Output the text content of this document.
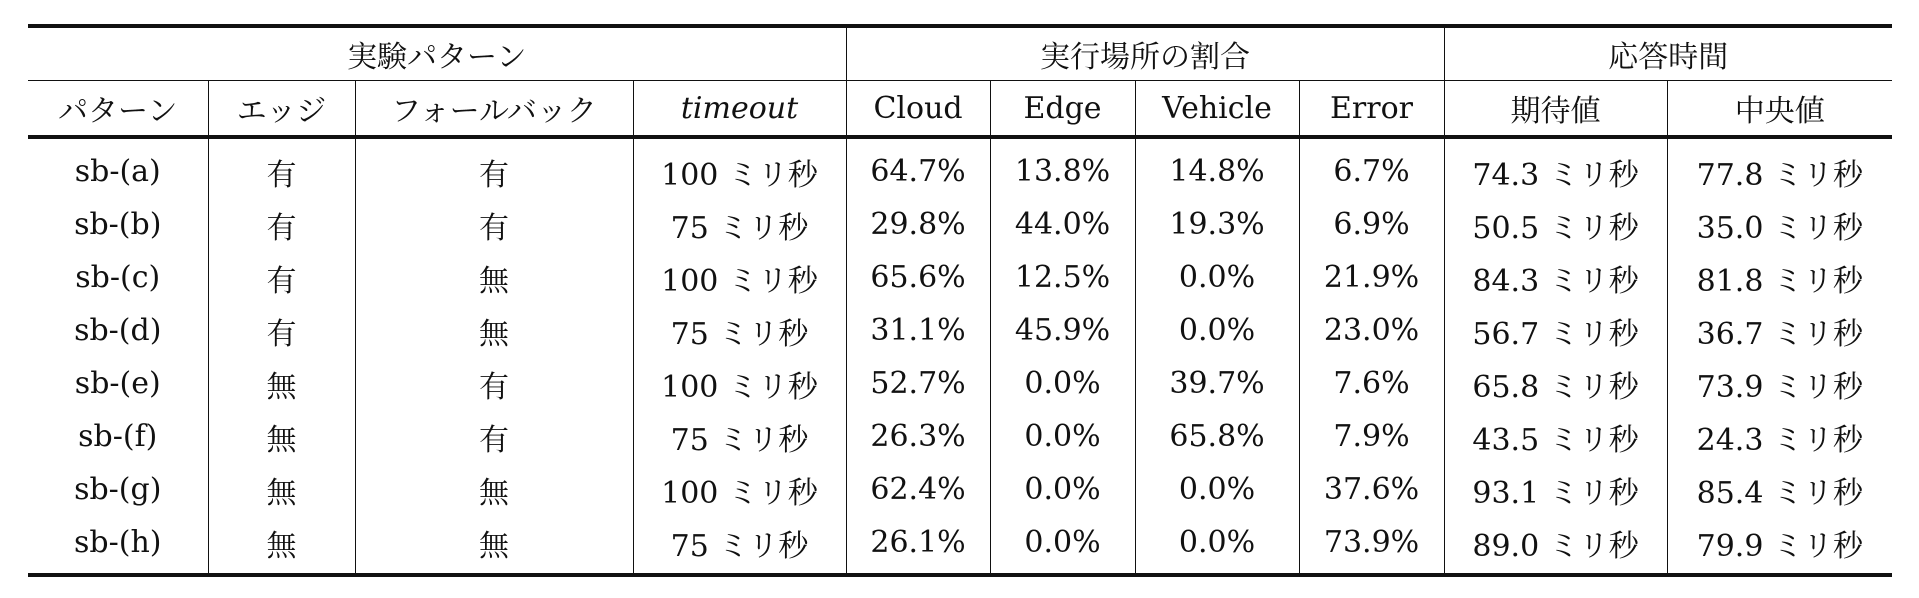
実験パターン				実行場所の割合				応答時間	
パターン	エッジ	フォールバック	timeout	Cloud	Edge	Vehicle	Error	期待値	中央値
sb-(a)	有	有	100 ミリ秒	64.7%	13.8%	14.8%	6.7%	74.3 ミリ秒	77.8 ミリ秒
sb-(b)	有	有	75 ミリ秒	29.8%	44.0%	19.3%	6.9%	50.5 ミリ秒	35.0 ミリ秒
sb-(c)	有	無	100 ミリ秒	65.6%	12.5%	0.0%	21.9%	84.3 ミリ秒	81.8 ミリ秒
sb-(d)	有	無	75 ミリ秒	31.1%	45.9%	0.0%	23.0%	56.7 ミリ秒	36.7 ミリ秒
sb-(e)	無	有	100 ミリ秒	52.7%	0.0%	39.7%	7.6%	65.8 ミリ秒	73.9 ミリ秒
sb-(f)	無	有	75 ミリ秒	26.3%	0.0%	65.8%	7.9%	43.5 ミリ秒	24.3 ミリ秒
sb-(g)	無	無	100 ミリ秒	62.4%	0.0%	0.0%	37.6%	93.1 ミリ秒	85.4 ミリ秒
sb-(h)	無	無	75 ミリ秒	26.1%	0.0%	0.0%	73.9%	89.0 ミリ秒	79.9 ミリ秒
